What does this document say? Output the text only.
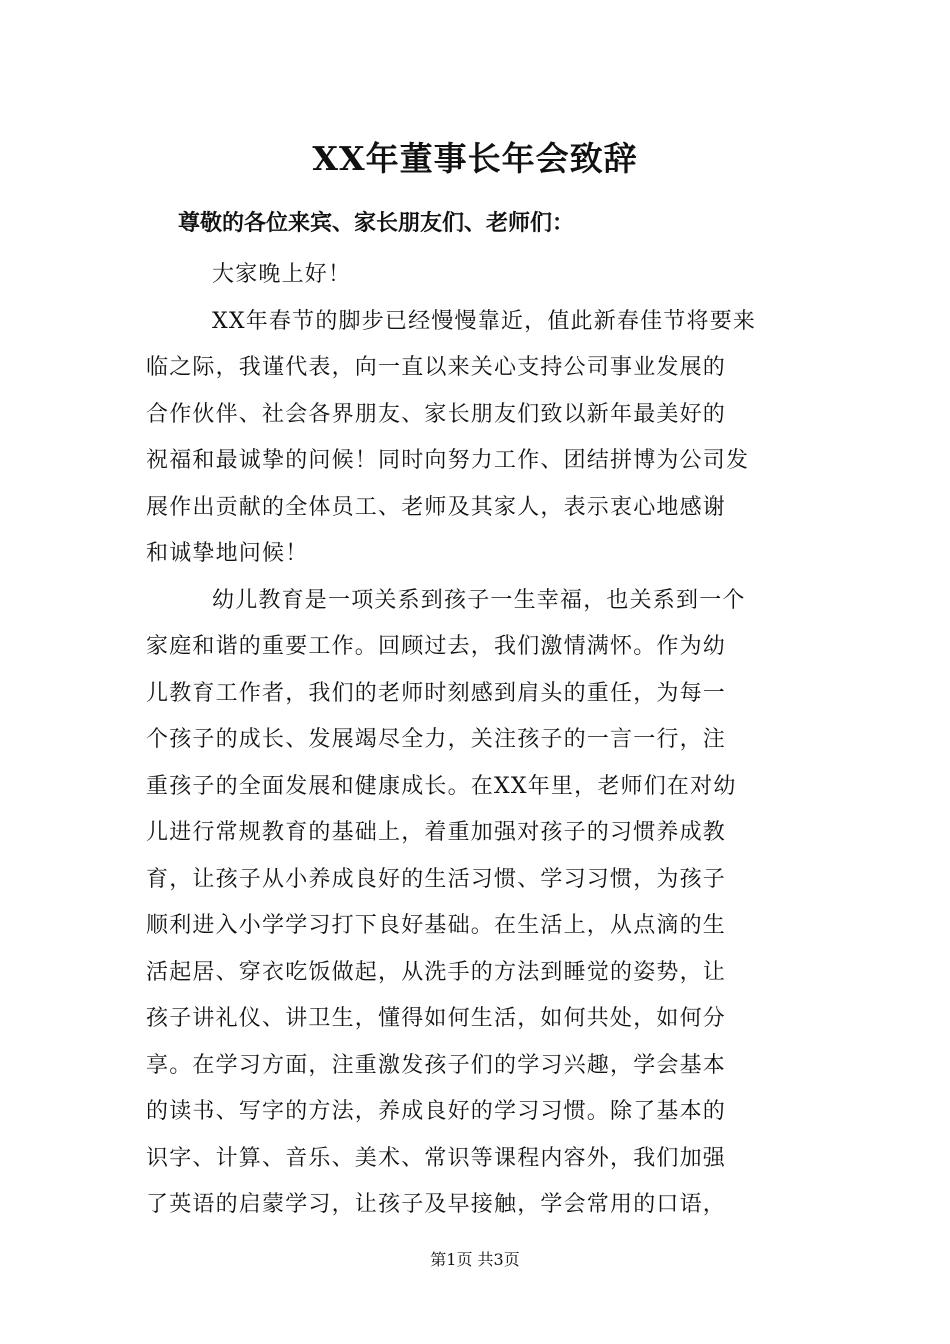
XX年董事长年会致辞

尊敬的各位来宾、家长朋友们、老师们：

大家晚上好！
XX年春节的脚步已经慢慢靠近，值此新春佳节将要来
临之际，我谨代表，向一直以来关心支持公司事业发展的
合作伙伴、社会各界朋友、家长朋友们致以新年最美好的
祝福和最诚挚的问候！同时向努力工作、团结拼博为公司发
展作出贡献的全体员工、老师及其家人，表示衷心地感谢
和诚挚地问候！
幼儿教育是一项关系到孩子一生幸福，也关系到一个
家庭和谐的重要工作。回顾过去，我们激情满怀。作为幼
儿教育工作者，我们的老师时刻感到肩头的重任，为每一
个孩子的成长、发展竭尽全力，关注孩子的一言一行，注
重孩子的全面发展和健康成长。在XX年里，老师们在对幼
儿进行常规教育的基础上，着重加强对孩子的习惯养成教
育，让孩子从小养成良好的生活习惯、学习习惯，为孩子
顺利进入小学学习打下良好基础。在生活上，从点滴的生
活起居、穿衣吃饭做起，从洗手的方法到睡觉的姿势，让
孩子讲礼仪、讲卫生，懂得如何生活，如何共处，如何分
享。在学习方面，注重激发孩子们的学习兴趣，学会基本
的读书、写字的方法，养成良好的学习习惯。除了基本的
识字、计算、音乐、美术、常识等课程内容外，我们加强
了英语的启蒙学习，让孩子及早接触，学会常用的口语，
第1页 共3页
